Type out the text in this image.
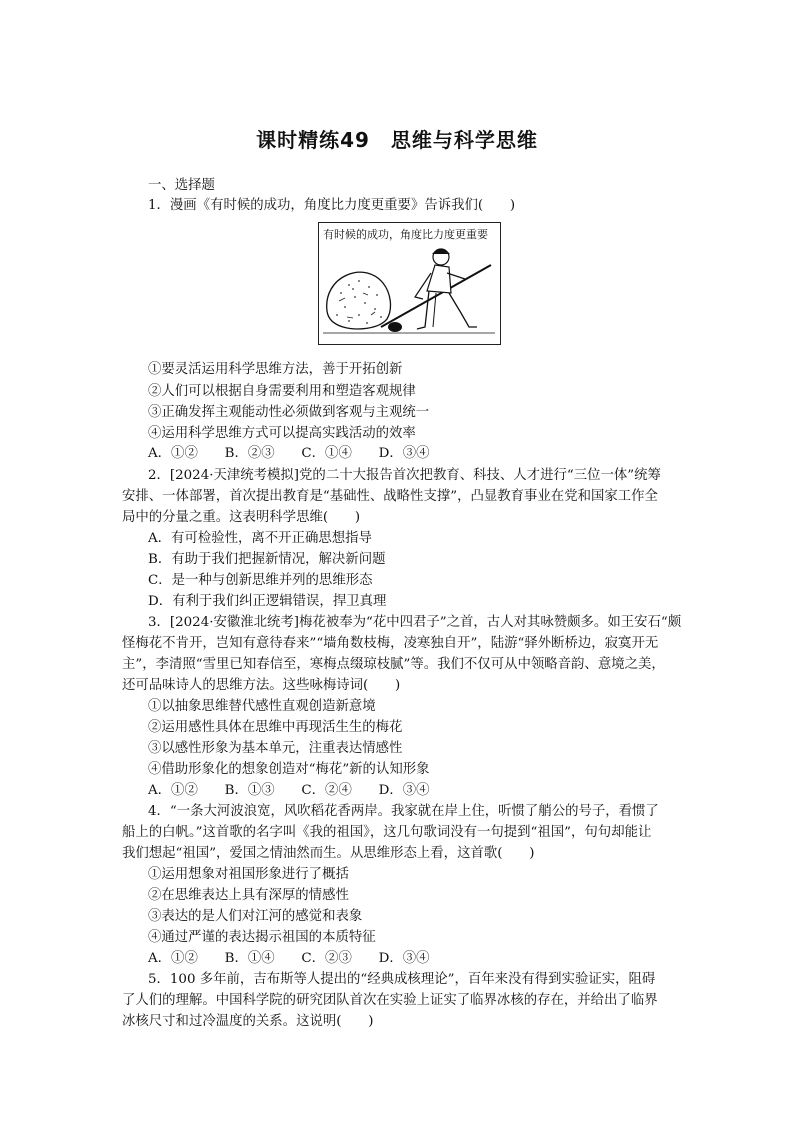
课时精练49　思维与科学思维
一、选择题
1．漫画《有时候的成功，角度比力度更重要》告诉我们(　　)
有时候的成功，角度比力度更重要
①要灵活运用科学思维方法，善于开拓创新
②人们可以根据自身需要利用和塑造客观规律
③正确发挥主观能动性必须做到客观与主观统一
④运用科学思维方式可以提高实践活动的效率
A．①②　　B．②③　　C．①④　　D．③④
2．[2024·天津统考模拟]党的二十大报告首次把教育、科技、人才进行“三位一体”统筹
安排、一体部署，首次提出教育是“基础性、战略性支撑”，凸显教育事业在党和国家工作全
局中的分量之重。这表明科学思维(　　)
A．有可检验性，离不开正确思想指导
B．有助于我们把握新情况，解决新问题
C．是一种与创新思维并列的思维形态
D．有利于我们纠正逻辑错误，捍卫真理
3．[2024·安徽淮北统考]梅花被奉为“花中四君子”之首，古人对其咏赞颇多。如王安石“颇
怪梅花不肯开，岂知有意待春来”“墙角数枝梅，凌寒独自开”，陆游“驿外断桥边，寂寞开无
主”，李清照“雪里已知春信至，寒梅点缀琼枝腻”等。我们不仅可从中领略音韵、意境之美，
还可品味诗人的思维方法。这些咏梅诗词(　　)
①以抽象思维替代感性直观创造新意境
②运用感性具体在思维中再现活生生的梅花
③以感性形象为基本单元，注重表达情感性
④借助形象化的想象创造对“梅花”新的认知形象
A．①②　　B．①③　　C．②④　　D．③④
4．“一条大河波浪宽，风吹稻花香两岸。我家就在岸上住，听惯了艄公的号子，看惯了
船上的白帆。”这首歌的名字叫《我的祖国》，这几句歌词没有一句提到“祖国”，句句却能让
我们想起“祖国”，爱国之情油然而生。从思维形态上看，这首歌(　　)
①运用想象对祖国形象进行了概括
②在思维表达上具有深厚的情感性
③表达的是人们对江河的感觉和表象
④通过严谨的表达揭示祖国的本质特征
A．①②　　B．①④　　C．②③　　D．③④
5．100 多年前，吉布斯等人提出的“经典成核理论”，百年来没有得到实验证实，阻碍
了人们的理解。中国科学院的研究团队首次在实验上证实了临界冰核的存在，并给出了临界
冰核尺寸和过冷温度的关系。这说明(　　)
